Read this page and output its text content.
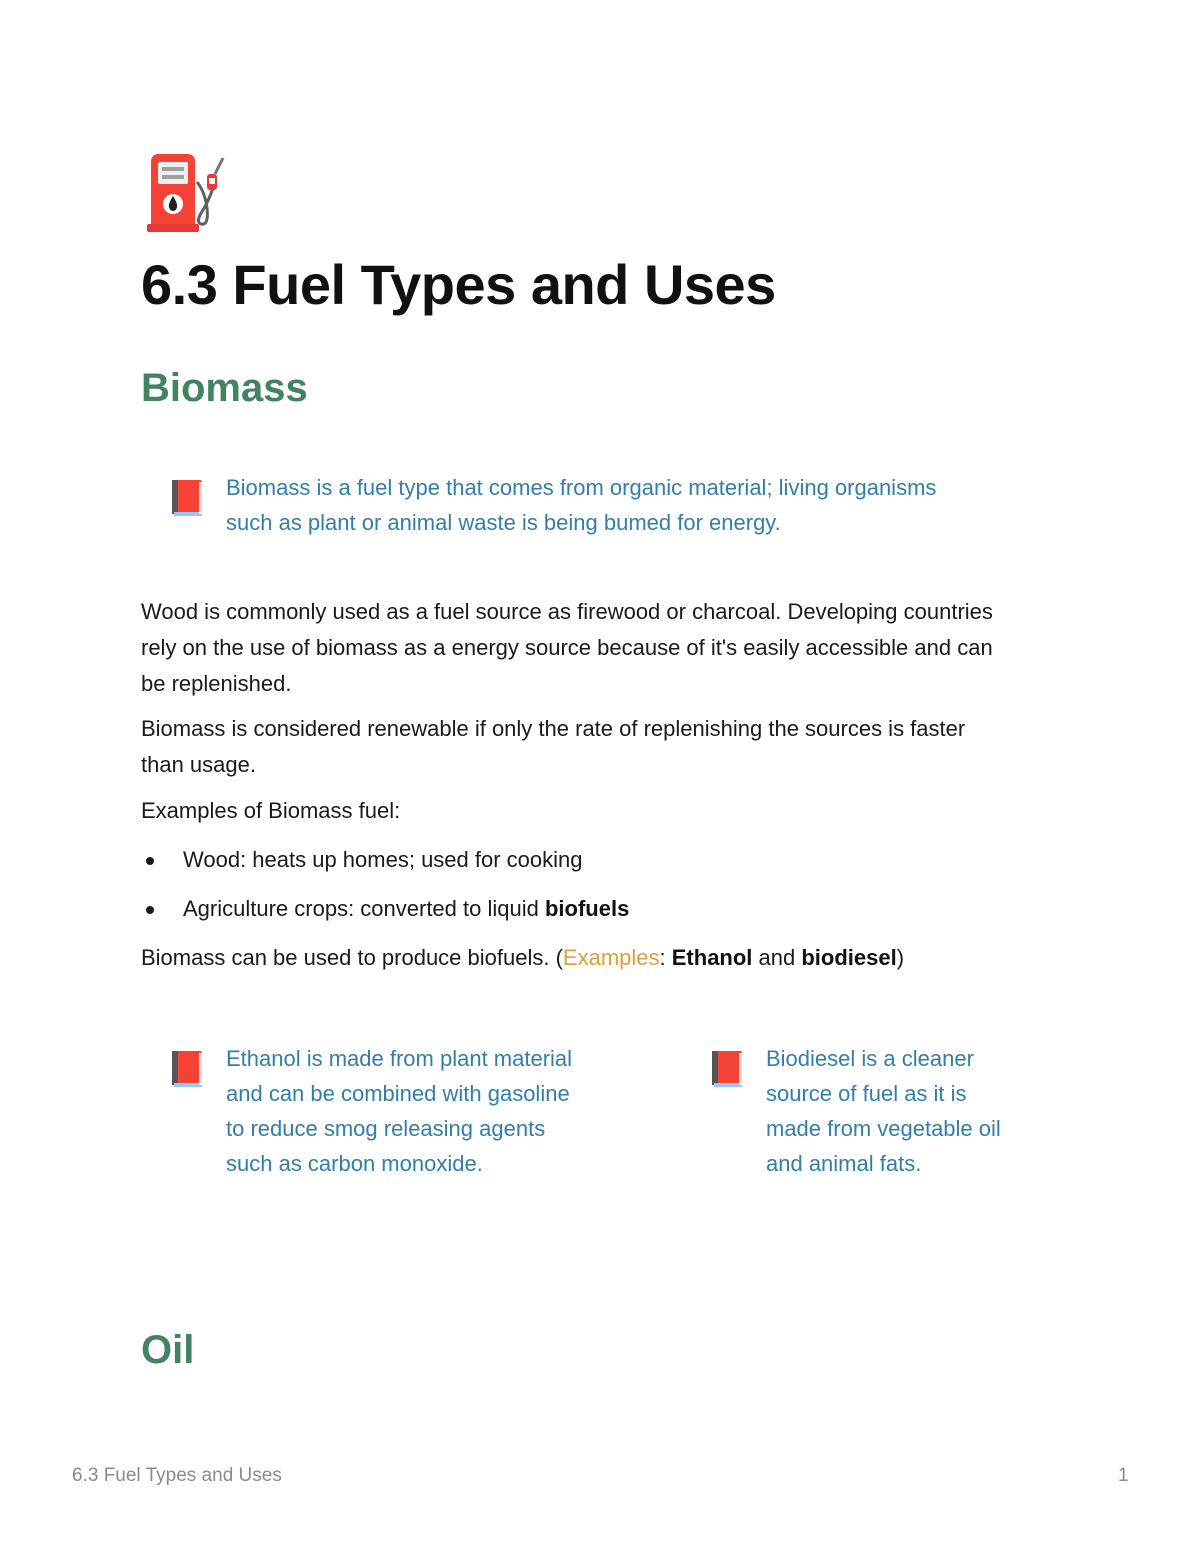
6.3 Fuel Types and Uses
Biomass

Biomass is a fuel type that comes from organic material; living organisms
such as plant or animal waste is being bumed for energy.

Wood is commonly used as a fuel source as firewood or charcoal. Developing countries
rely on the use of biomass as a energy source because of it's easily accessible and can
be replenished.

Biomass is considered renewable if only the rate of replenishing the sources is faster
than usage.

Examples of Biomass fuel:

Wood: heats up homes; used for cooking
Agriculture crops: converted to liquid biofuels

Biomass can be used to produce biofuels. (Examples: Ethanol and biodiesel)

Ethanol is made from plant material
and can be combined with gasoline
to reduce smog releasing agents
such as carbon monoxide.

Biodiesel is a cleaner
source of fuel as it is
made from vegetable oil
and animal fats.

Oil
6.3 Fuel Types and Uses	1
